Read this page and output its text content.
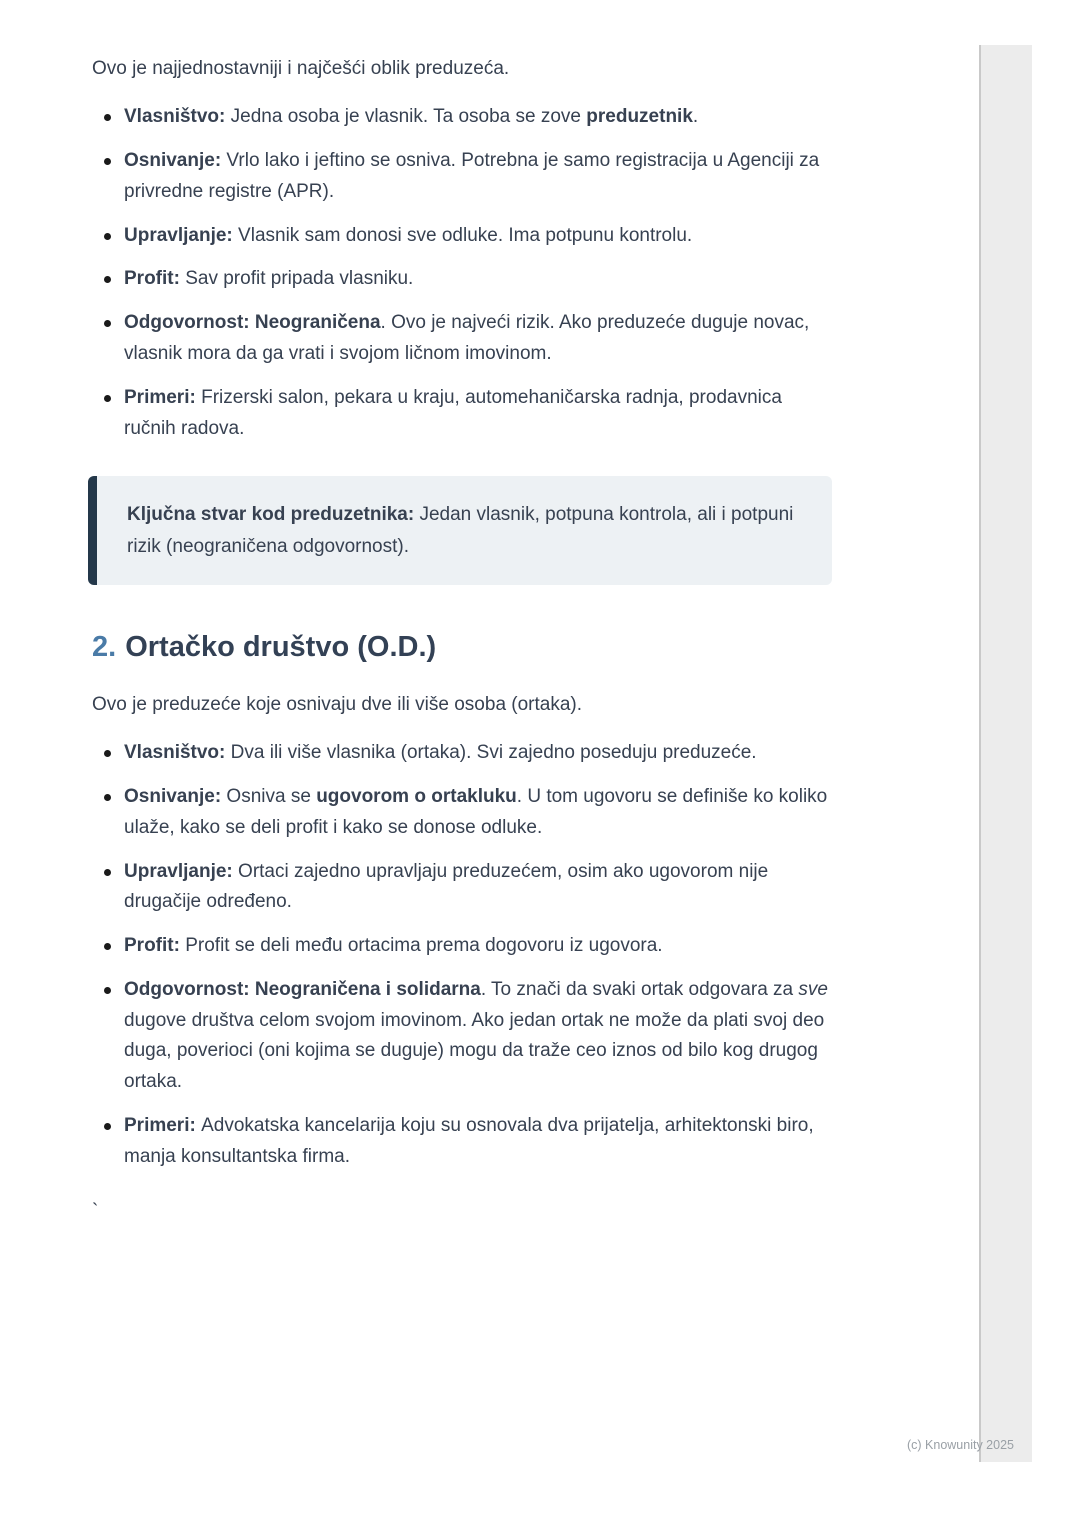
Ovo je najjednostavniji i najčešći oblik preduzeća.

Vlasništvo: Jedna osoba je vlasnik. Ta osoba se zove preduzetnik.
Osnivanje: Vrlo lako i jeftino se osniva. Potrebna je samo registracija u Agenciji za privredne registre (APR).
Upravljanje: Vlasnik sam donosi sve odluke. Ima potpunu kontrolu.
Profit: Sav profit pripada vlasniku.
Odgovornost: Neograničena. Ovo je najveći rizik. Ako preduzeće duguje novac, vlasnik mora da ga vrati i svojom ličnom imovinom.
Primeri: Frizerski salon, pekara u kraju, automehaničarska radnja, prodavnica ručnih radova.
Ključna stvar kod preduzetnika: Jedan vlasnik, potpuna kontrola, ali i potpuni rizik (neograničena odgovornost).
2. Ortačko društvo (O.D.)

Ovo je preduzeće koje osnivaju dve ili više osoba (ortaka).

Vlasništvo: Dva ili više vlasnika (ortaka). Svi zajedno poseduju preduzeće.
Osnivanje: Osniva se ugovorom o ortakluku. U tom ugovoru se definiše ko koliko ulaže, kako se deli profit i kako se donose odluke.
Upravljanje: Ortaci zajedno upravljaju preduzećem, osim ako ugovorom nije drugačije određeno.
Profit: Profit se deli među ortacima prema dogovoru iz ugovora.
Odgovornost: Neograničena i solidarna. To znači da svaki ortak odgovara za sve dugove društva celom svojom imovinom. Ako jedan ortak ne može da plati svoj deo duga, poverioci (oni kojima se duguje) mogu da traže ceo iznos od bilo kog drugog ortaka.
Primeri: Advokatska kancelarija koju su osnovala dva prijatelja, arhitektonski biro, manja konsultantska firma.

`

(c) Knowunity 2025
